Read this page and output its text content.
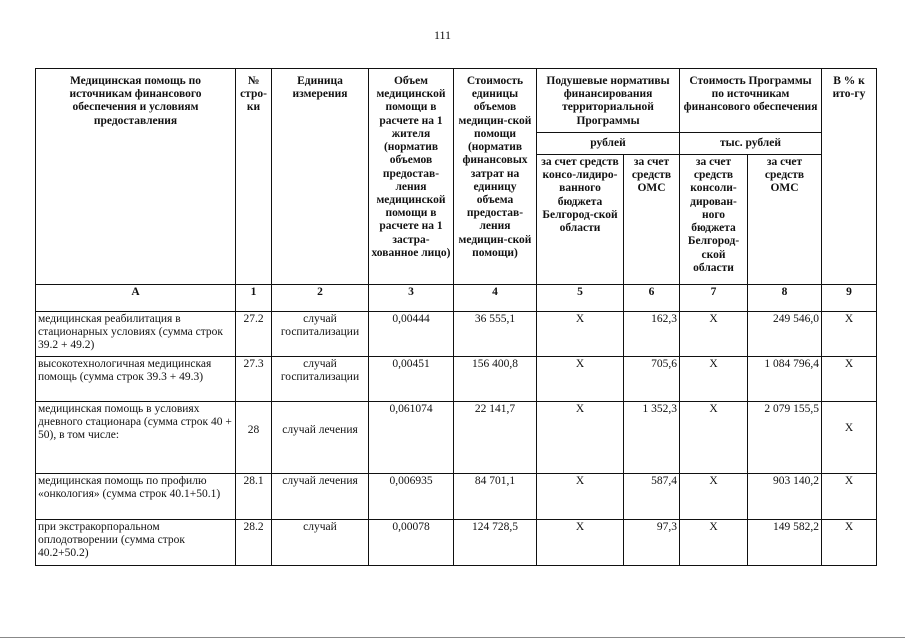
111
Медицинская помощь по источникам финансового обеспечения и условиям предоставления	№ стро-ки	Единица измерения	Объем медицинской помощи в расчете на 1 жителя (норматив объемов предостав-ления медицинской помощи в расчете на 1 застра-хованное лицо)	Стоимость единицы объемов медицин-ской помощи (норматив финансовых затрат на единицу объема предостав-ления медицин-ской помощи)	Подушевые нормативы финансирования территориальной Программы		Стоимость Программы по источникам финансового обеспечения		В % к ито-гу
					рублей		тыс. рублей		
					за счет средств консо-лидиро-ванного бюджета Белгород-ской области	за счет средств ОМС	за счет средств консоли-дирован-ного бюджета Белгород-ской области	за счет средств ОМС	
А	1	2	3	4	5	6	7	8	9
медицинская реабилитация в стационарных условиях (сумма строк 39.2 + 49.2)	27.2	случай госпитализации	0,00444	36 555,1	X	162,3	X	249 546,0	X
высокотехнологичная медицинская помощь (сумма строк 39.3 + 49.3)	27.3	случай госпитализации	0,00451	156 400,8	X	705,6	X	1 084 796,4	X
медицинская помощь в условиях дневного стационара (сумма строк 40 + 50), в том числе:	28	случай лечения	0,061074	22 141,7	X	1 352,3	X	2 079 155,5	X
медицинская помощь по профилю «онкология» (сумма строк 40.1+50.1)	28.1	случай лечения	0,006935	84 701,1	X	587,4	X	903 140,2	X
при экстракорпоральном оплодотворении (сумма строк 40.2+50.2)	28.2	случай	0,00078	124 728,5	X	97,3	X	149 582,2	X
